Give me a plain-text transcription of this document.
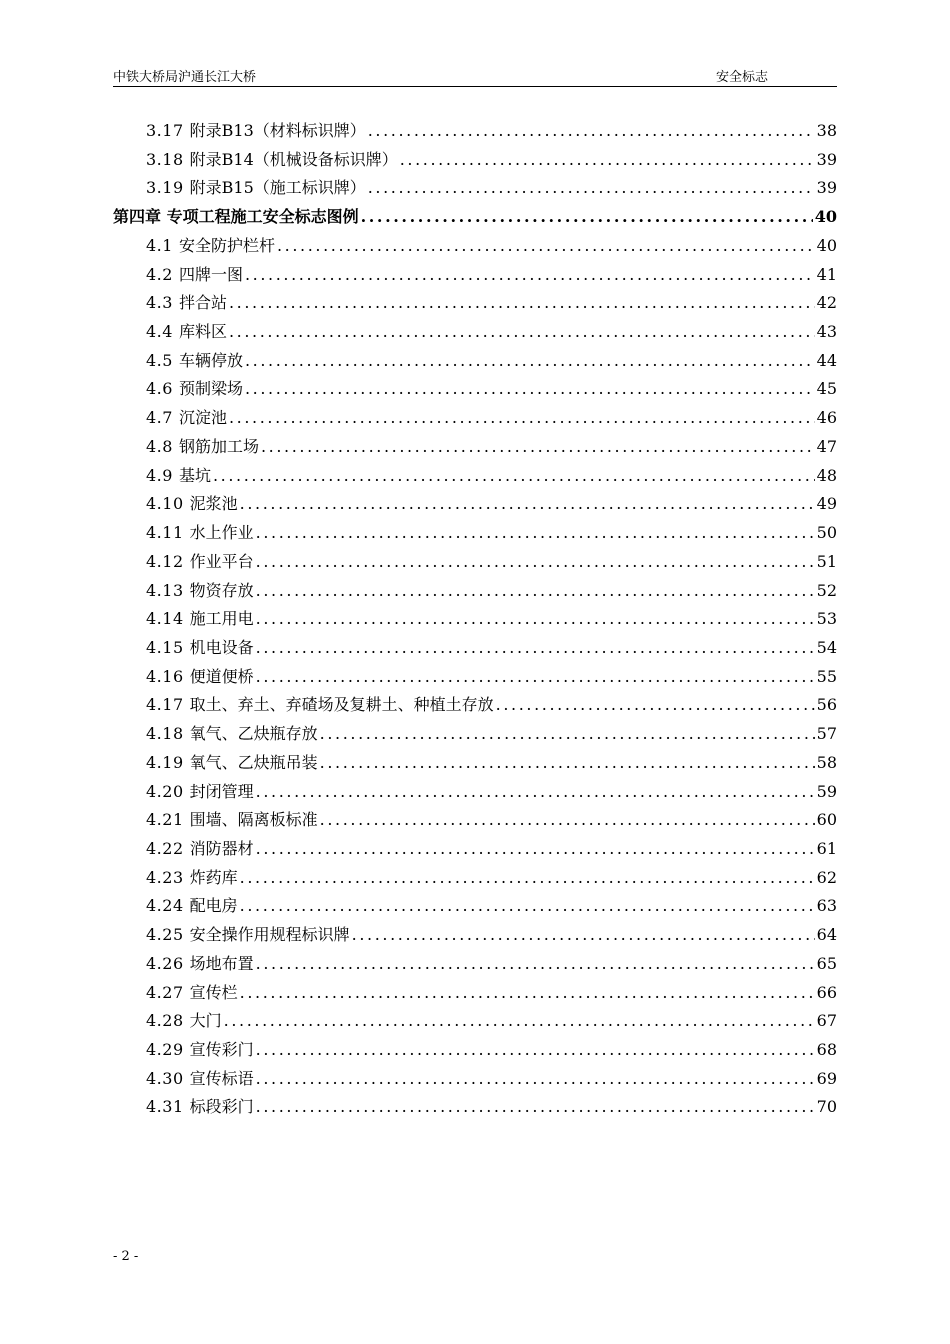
中铁大桥局沪通长江大桥	安全标志
3.17 附录B13（材料标识牌） .....	38
3.18 附录B14（机械设备标识牌） .....	39
3.19 附录B15（施工标识牌） .....	39
第四章 专项工程施工安全标志图例 .....	40
4.1 安全防护栏杆 .....	40
4.2 四牌一图 .....	41
4.3 拌合站 .....	42
4.4 库料区 .....	43
4.5 车辆停放 .....	44
4.6 预制梁场 .....	45
4.7 沉淀池 .....	46
4.8 钢筋加工场 .....	47
4.9 基坑 .....	48
4.10 泥浆池 .....	49
4.11 水上作业 .....	50
4.12 作业平台 .....	51
4.13 物资存放 .....	52
4.14 施工用电 .....	53
4.15 机电设备 .....	54
4.16 便道便桥 .....	55
4.17 取土、弃土、弃碴场及复耕土、种植土存放 .....	56
4.18 氧气、乙炔瓶存放 .....	57
4.19 氧气、乙炔瓶吊装 .....	58
4.20 封闭管理 .....	59
4.21 围墙、隔离板标准 .....	60
4.22 消防器材 .....	61
4.23 炸药库 .....	62
4.24 配电房 .....	63
4.25 安全操作用规程标识牌 .....	64
4.26 场地布置 .....	65
4.27 宣传栏 .....	66
4.28 大门 .....	67
4.29 宣传彩门 .....	68
4.30 宣传标语 .....	69
4.31 标段彩门 .....	70
- 2 -
